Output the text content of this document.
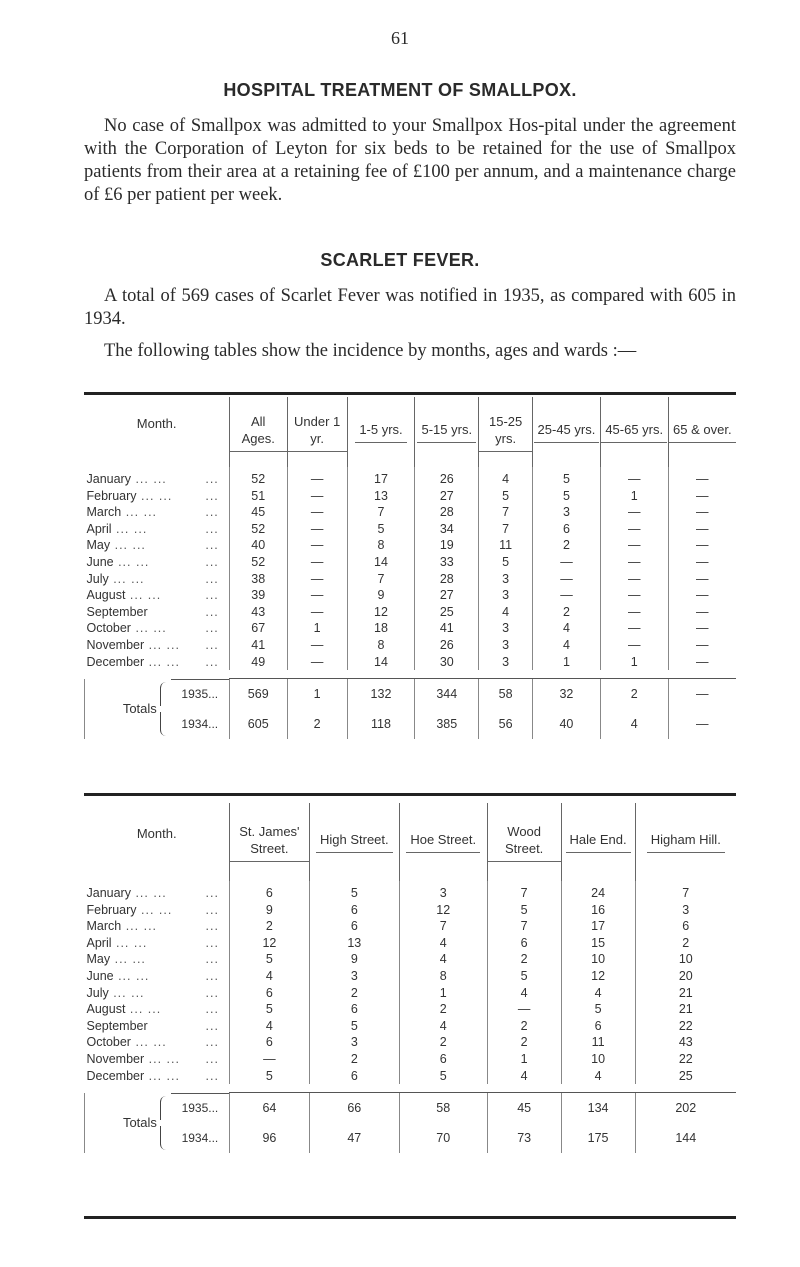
61
HOSPITAL TREATMENT OF SMALLPOX.

No case of Smallpox was admitted to your Smallpox Hos-pital under the agreement with the Corporation of Leyton for six beds to be retained for the use of Smallpox patients from their area at a retaining fee of £100 per annum, and a maintenance charge of £6 per patient per week.

SCARLET FEVER.

A total of 569 cases of Scarlet Fever was notified in 1935, as compared with 605 in 1934.

The following tables show the incidence by months, ages and wards :—

Month.	All Ages.	Under 1 yr.	1-5 yrs.	5-15 yrs.	15-25 yrs.	25-45 yrs.	45-65 yrs.	65 & over.
January ... ... ...	52	—	17	26	4	5	—	—
February ... ... ...	51	—	13	27	5	5	1	—
March ... ... ...	45	—	7	28	7	3	—	—
April ... ... ...	52	—	5	34	7	6	—	—
May ... ... ...	40	—	8	19	11	2	—	—
June ... ... ...	52	—	14	33	5	—	—	—
July ... ... ...	38	—	7	28	3	—	—	—
August ... ... ...	39	—	9	27	3	—	—	—
September ...	43	—	12	25	4	2	—	—
October ... ... ...	67	1	18	41	3	4	—	—
November ... ... ...	41	—	8	26	3	4	—	—
December ... ... ...	49	—	14	30	3	1	1	—

Totals

1935...	569	1	132	344	58	32	2	—

1934...	605	2	118	385	56	40	4	—
Month.	St. James' Street.	High Street.	Hoe Street.	Wood Street.	Hale End.	Higham Hill.
January ... ... ...	6	5	3	7	24	7
February ... ... ...	9	6	12	5	16	3
March ... ... ...	2	6	7	7	17	6
April ... ... ...	12	13	4	6	15	2
May ... ... ...	5	9	4	2	10	10
June ... ... ...	4	3	8	5	12	20
July ... ... ...	6	2	1	4	4	21
August ... ... ...	5	6	2	—	5	21
September ...	4	5	4	2	6	22
October ... ... ...	6	3	2	2	11	43
November ... ... ...	—	2	6	1	10	22
December ... ... ...	5	6	5	4	4	25

Totals

1935...	64	66	58	45	134	202

1934...	96	47	70	73	175	144
